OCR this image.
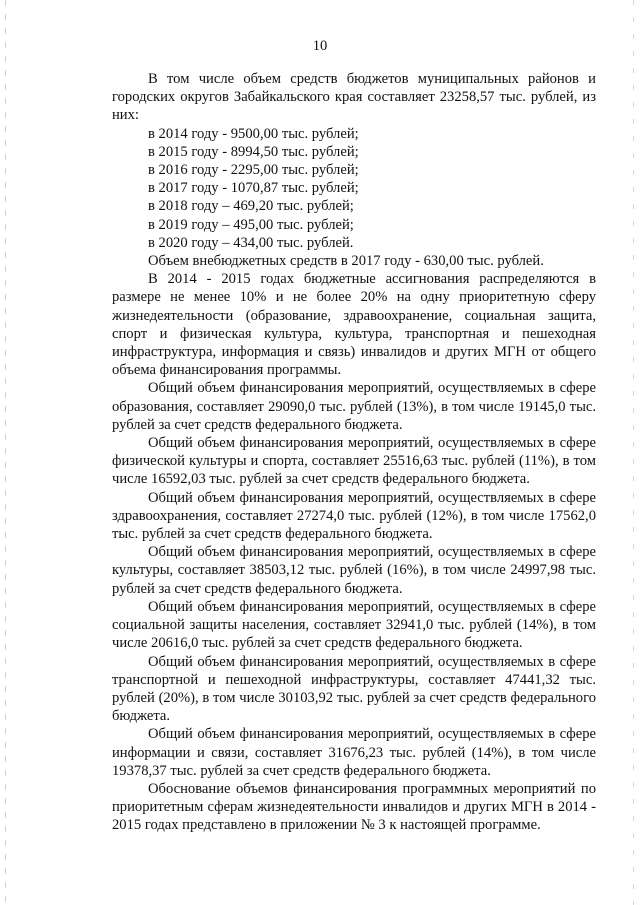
10

В том числе объем средств бюджетов муниципальных районов и городских округов Забайкальского края составляет 23258,57 тыс. рублей, из них:

в 2014 году - 9500,00 тыс. рублей;

в 2015 году - 8994,50 тыс. рублей;

в 2016 году - 2295,00 тыс. рублей;

в 2017 году - 1070,87 тыс. рублей;

в 2018 году – 469,20 тыс. рублей;

в 2019 году – 495,00 тыс. рублей;

в 2020 году – 434,00 тыс. рублей.

Объем внебюджетных средств в 2017 году - 630,00 тыс. рублей.

В 2014 - 2015 годах бюджетные ассигнования распределяются в размере не менее 10% и не более 20% на одну приоритетную сферу жизнедеятельности (образование, здравоохранение, социальная защита, спорт и физическая культура, культура, транспортная и пешеходная инфраструктура, информация и связь) инвалидов и других МГН от общего объема финансирования программы.

Общий объем финансирования мероприятий, осуществляемых в сфере образования, составляет 29090,0 тыс. рублей (13%), в том числе 19145,0 тыс. рублей за счет средств федерального бюджета.

Общий объем финансирования мероприятий, осуществляемых в сфере физической культуры и спорта, составляет 25516,63 тыс. рублей (11%), в том числе 16592,03 тыс. рублей за счет средств федерального бюджета.

Общий объем финансирования мероприятий, осуществляемых в сфере здравоохранения, составляет 27274,0 тыс. рублей (12%), в том числе 17562,0 тыс. рублей за счет средств федерального бюджета.

Общий объем финансирования мероприятий, осуществляемых в сфере культуры, составляет 38503,12 тыс. рублей (16%), в том числе 24997,98 тыс. рублей за счет средств федерального бюджета.

Общий объем финансирования мероприятий, осуществляемых в сфере социальной защиты населения, составляет 32941,0 тыс. рублей (14%), в том числе 20616,0 тыс. рублей за счет средств федерального бюджета.

Общий объем финансирования мероприятий, осуществляемых в сфере транспортной и пешеходной инфраструктуры, составляет 47441,32 тыс. рублей (20%), в том числе 30103,92 тыс. рублей за счет средств федерального бюджета.

Общий объем финансирования мероприятий, осуществляемых в сфере информации и связи, составляет 31676,23 тыс. рублей (14%), в том числе 19378,37 тыс. рублей за счет средств федерального бюджета.

Обоснование объемов финансирования программных мероприятий по приоритетным сферам жизнедеятельности инвалидов и других МГН в 2014 - 2015 годах представлено в приложении № 3 к настоящей программе.
